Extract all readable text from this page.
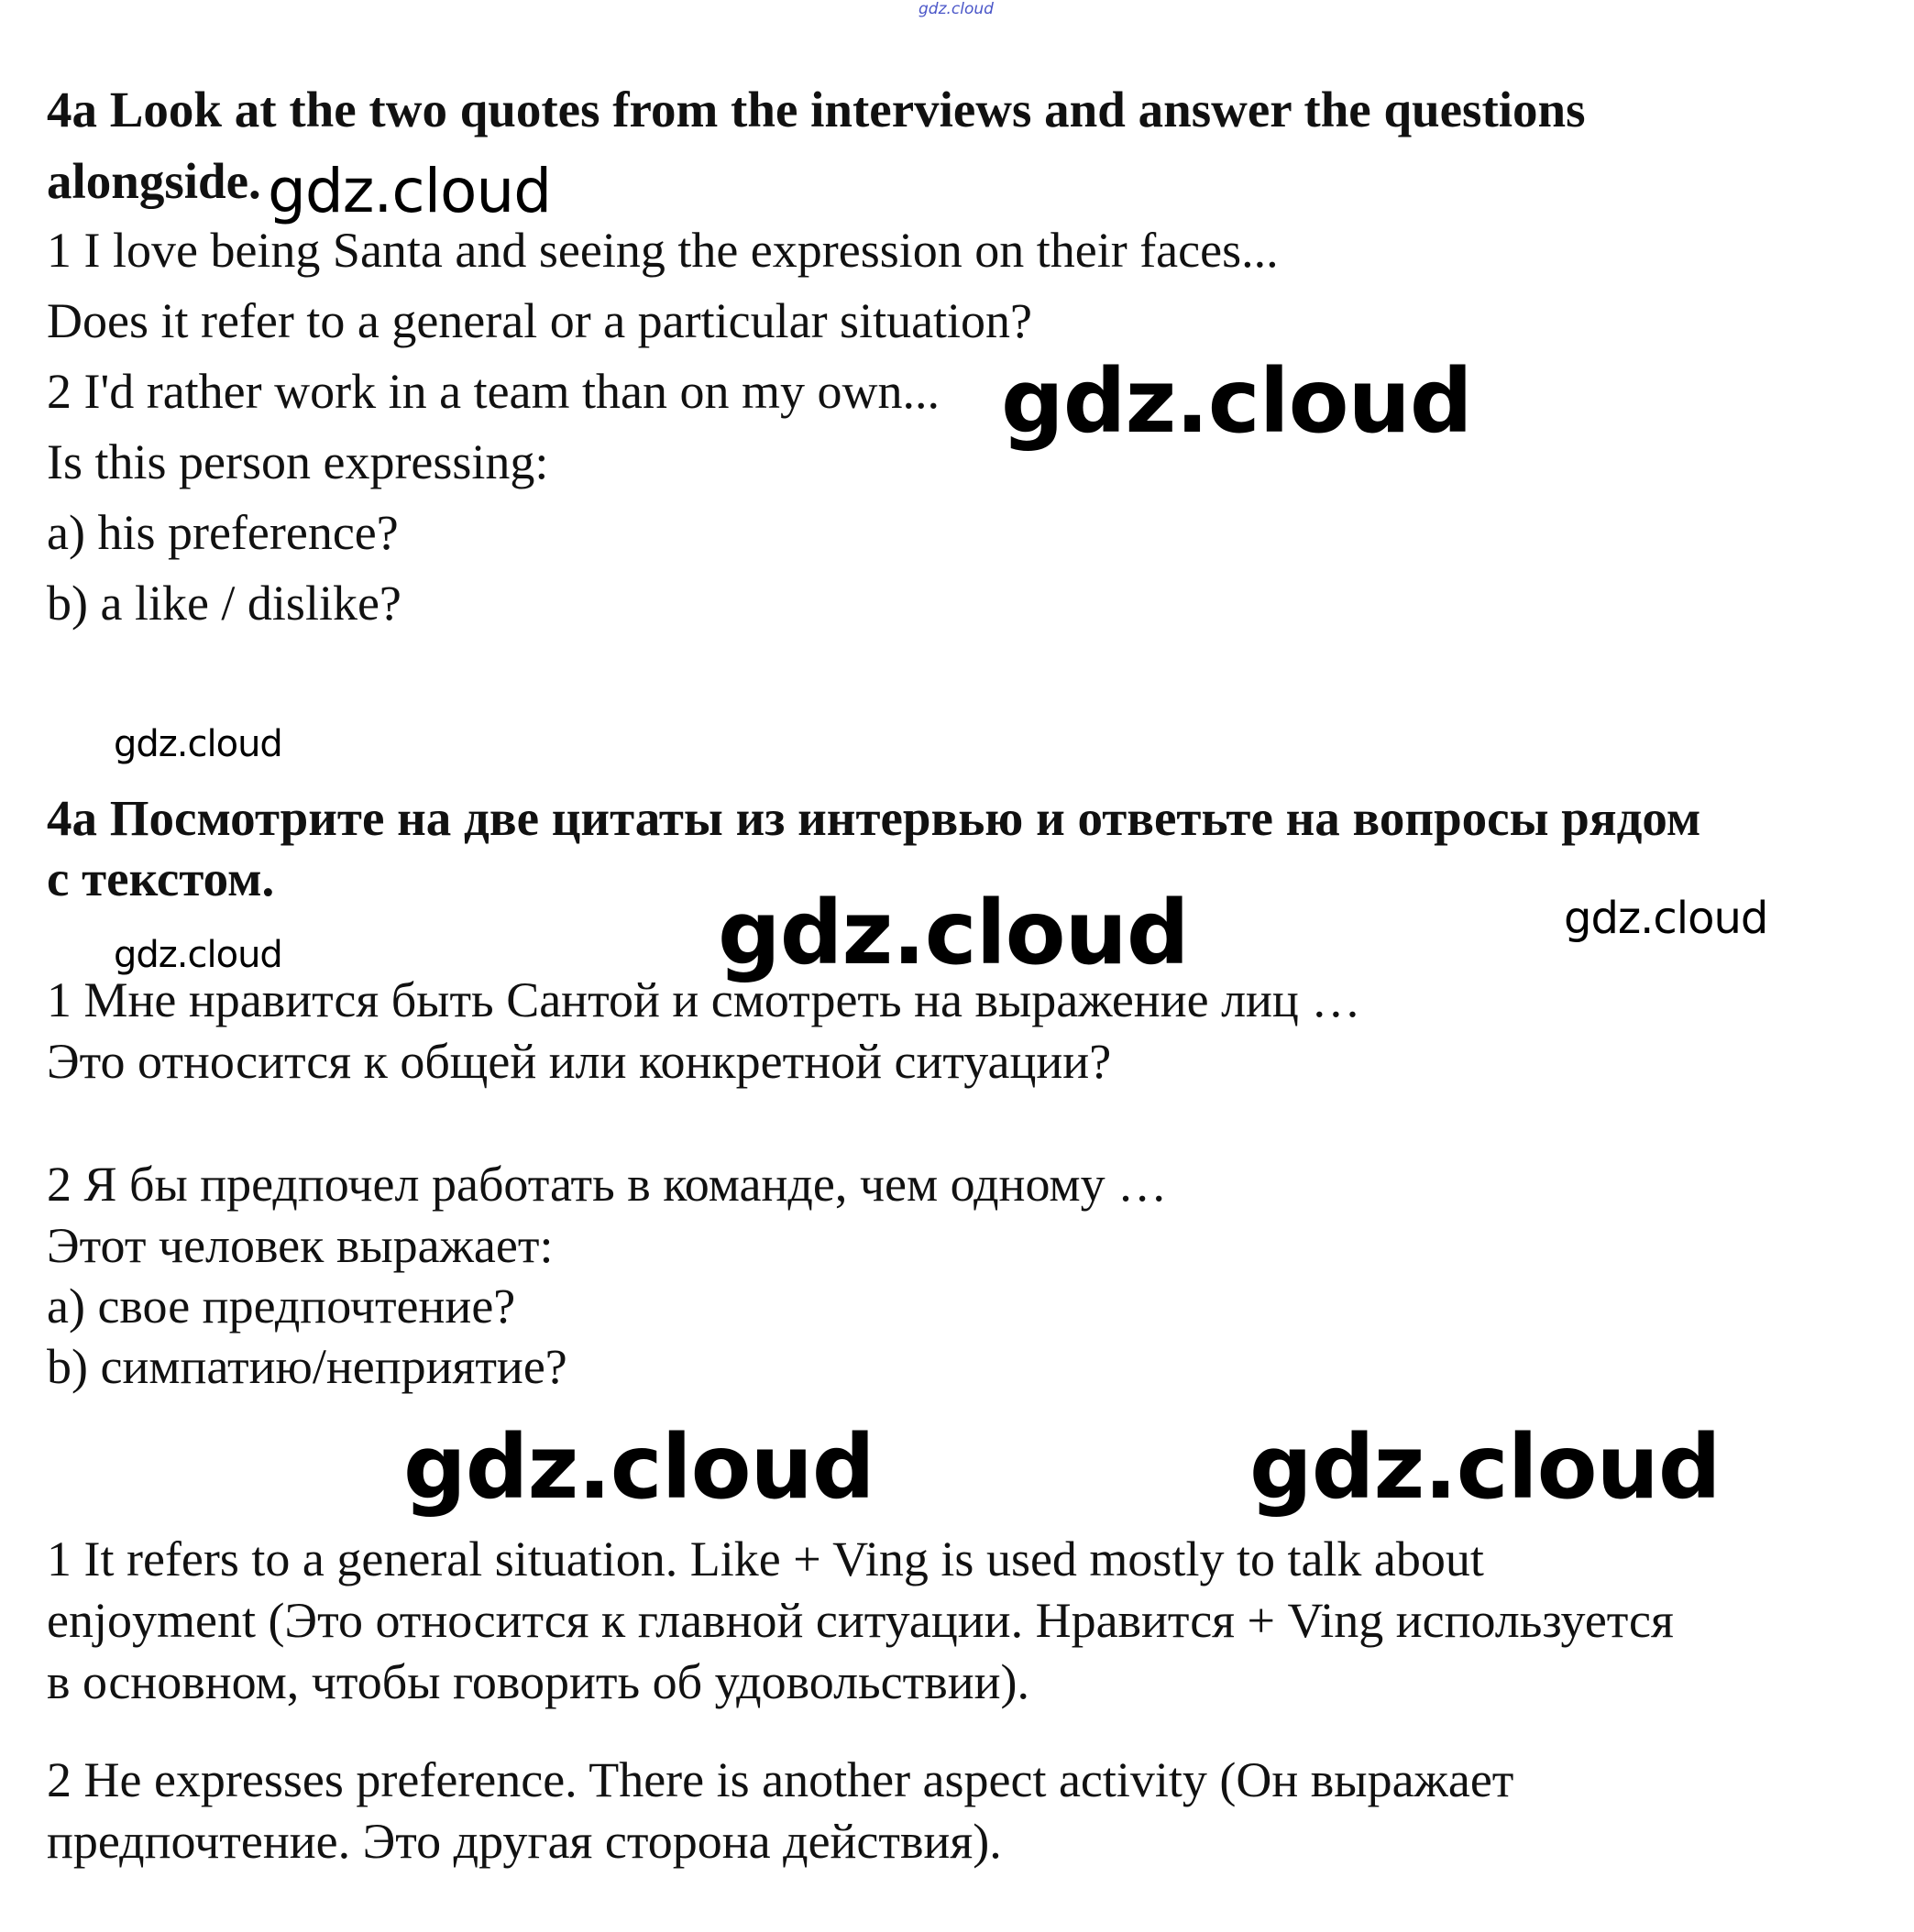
gdz.cloud
4a Look at the two quotes from the interviews and answer the questions
alongside. gdz.cloud
1 I love being Santa and seeing the expression on their faces...
Does it refer to a general or a particular situation?
2 I'd rather work in a team than on my own... gdz.cloud
Is this person expressing:
a) his preference?
b) a like / dislike?
gdz.cloud
4a Посмотрите на две цитаты из интервью и ответьте на вопросы рядом
с текстом.
gdz.cloud	gdz.cloud
gdz.cloud
1 Мне нравится быть Сантой и смотреть на выражение лиц …
Это относится к общей или конкретной ситуации?
2 Я бы предпочел работать в команде, чем одному …
Этот человек выражает:
a) свое предпочтение?
b) симпатию/неприятие?
gdz.cloud	gdz.cloud
1 It refers to a general situation. Like + Ving is used mostly to talk about
enjoyment (Это относится к главной ситуации. Нравится + Ving используется
в основном, чтобы говорить об удовольствии).
2 He expresses preference. There is another aspect activity (Он выражает
предпочтение. Это другая сторона действия).
